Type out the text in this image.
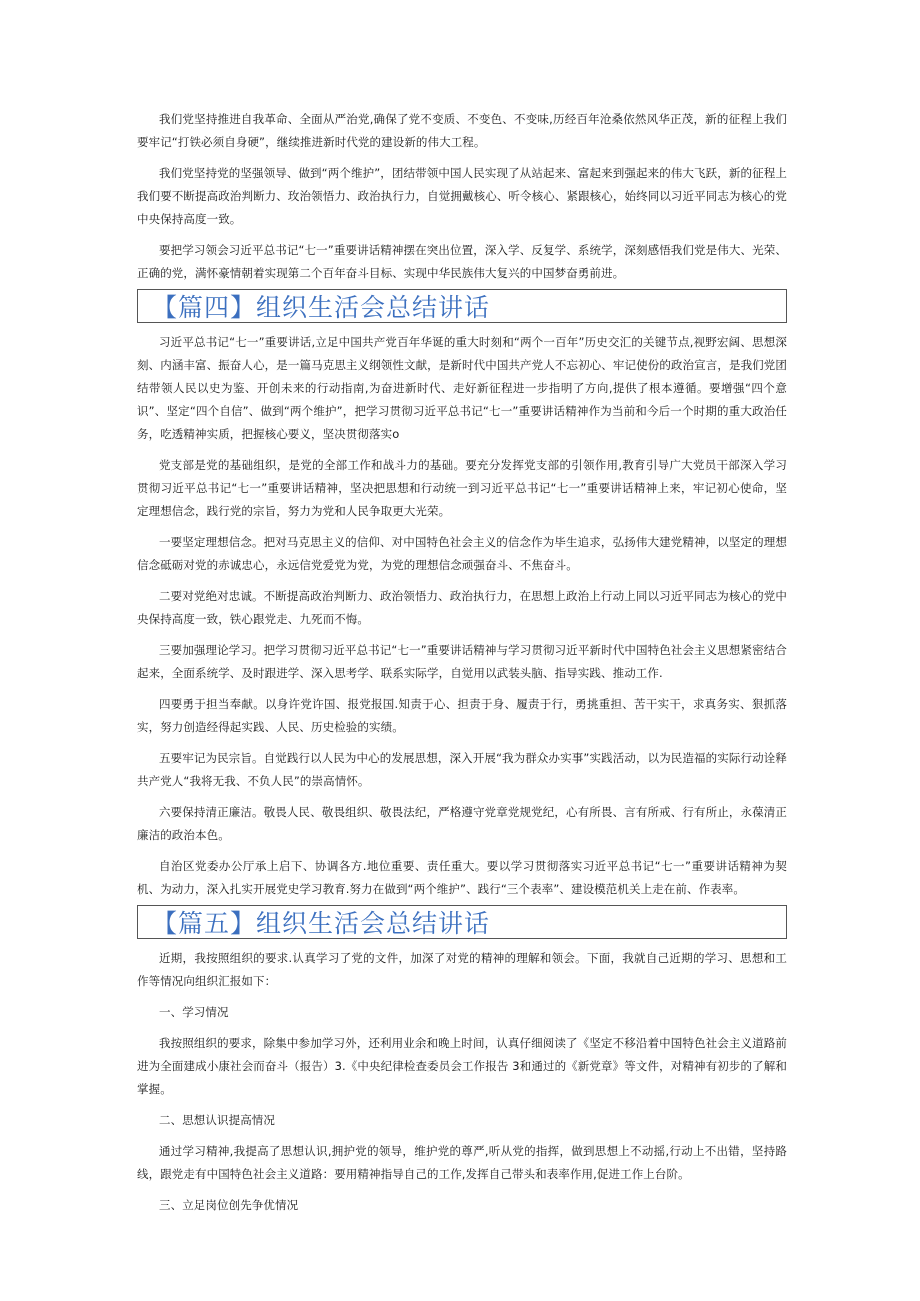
我们党坚持推进自我革命、全面从严治党,确保了党不变质、不变色、不变味,历经百年沧桑依然风华正茂，新的征程上我们要牢记“打铁必须自身硬”，继续推进新时代党的建设新的伟大工程。

我们党坚持党的坚强领导、做到“两个维护”，团结带领中国人民实现了从站起来、富起来到强起来的伟大飞跃，新的征程上我们要不断提高政治判断力、玫治领悟力、政治执行力，自觉拥戴核心、听令核心、紧跟核心，始终同以习近平同志为核心的党中央保持高度一致。

要把学习领会习近平总书记“七一”重要讲话精神摆在突出位置，深入学、反复学、系统学，深刻感悟我们党是伟大、光荣、正确的党，满怀豪情朝着实现第二个百年奋斗目标、实现中华民族伟大复兴的中国梦奋勇前进。

【篇四】组织生活会总结讲话

习近平总书记“七一”重要讲话,立足中国共产党百年华诞的重大时刻和“两个一百年”历史交汇的关键节点,视野宏阔、思想深刻、内涵丰富、振奋人心，是一篇马克思主义纲领性文献，是新时代中国共产党人不忘初心、牢记使份的政治宣言，是我们党团结带领人民以史为鉴、开创未来的行动指南,为奋进新时代、走好新征程进一步指明了方向,提供了根本遵循。要增强“四个意识”、坚定“四个自信”、做到“两个维护”，把学习贯彻习近平总书记“七一”重要讲话精神作为当前和今后一个时期的重大政治任务，吃透精神实质，把握核心要义，坚决贯彻落实o

党支部是党的基础组织，是党的全部工作和战斗力的基础。要充分发挥党支部的引领作用,教育引导广大党员干部深入学习贯彻习近平总书记“七一”重要讲话精神，坚决把思想和行动统一到习近平总书记“七一”重要讲话精神上来，牢记初心使命，坚定理想信念，践行党的宗旨，努力为党和人民争取更大光荣。

一要坚定理想信念。把对马克思主义的信仰、对中国特色社会主义的信念作为毕生追求，弘扬伟大建党精神，以坚定的理想信念砥砺对党的赤诚忠心，永远信党爱党为党，为党的理想信念顽强奋斗、不焦奋斗。

二要对党绝对忠诚。不断提高政治判断力、政治领悟力、政治执行力，在思想上政治上行动上同以习近平同志为核心的党中央保持高度一致，铁心跟党走、九死而不悔。

三要加强理论学习。把学习贯彻习近平总书记“七一”重要讲话精神与学习贯彻习近平新时代中国特色社会主义思想紧密结合起来，全面系统学、及时跟进学、深入思考学、联系实际学，自觉用以武装头脑、指导实践、推动工作.

四要勇于担当奉献。以身许党许国、报党报国.知责于心、担责于身、履责于行，勇挑重担、苦干实干，求真务实、狠抓落实，努力创造经得起实践、人民、历史检验的实绩。

五要牢记为民宗旨。自觉践行以人民为中心的发展思想，深入开展“我为群众办实事”实践活动，以为民造福的实际行动诠释共产党人“我将无我、不负人民”的崇高情怀。

六要保持清正廉洁。敬畏人民、敬畏组织、敬畏法纪，严格遵守党章党规党纪，心有所畏、言有所戒、行有所止，永葆清正廉洁的政治本色。

自治区党委办公厅承上启下、协调各方.地位重要、责任重大。要以学习贯彻落实习近平总书记“七一”重要讲话精神为契机、为动力，深入扎实开展党史学习教育.努力在做到“两个维护”、践行“三个表率”、建设模范机关上走在前、作表率。

【篇五】组织生活会总结讲话

近期，我按照组织的要求.认真学习了党的文件，加深了对党的精神的理解和领会。下面，我就自己近期的学习、思想和工作等情况向组织汇报如下：

一、学习情况

我按照组织的要求，除集中参加学习外，还利用业余和晚上时间，认真仔细阅读了《坚定不移沿着中国特色社会主义道路前进为全面建成小康社会而奋斗（报告）3.《中央纪律检查委员会工作报告 3和通过的《新党章》等文件，对精神有初步的了解和掌握。

二、思想认识提高情况

通过学习精神,我提高了思想认识,拥护党的领导，维护党的尊严,听从党的指挥，做到思想上不动摇,行动上不出错，坚持路线，跟党走有中国特色社会主义道路：要用精神指导自己的工作,发挥自己带头和表率作用,促进工作上台阶。

三、立足岗位创先争优情况
